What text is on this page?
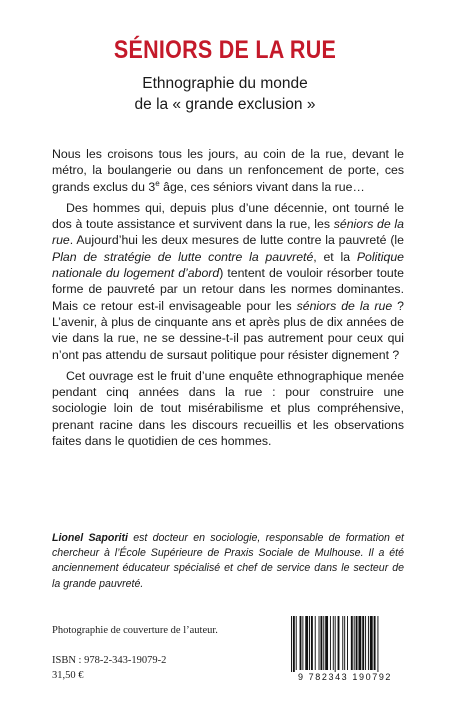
SÉNIORS DE LA RUE
Ethnographie du monde
de la « grande exclusion »

Nous les croisons tous les jours, au coin de la rue, devant le métro, la boulangerie ou dans un renfoncement de porte, ces grands exclus du 3e âge, ces séniors vivant dans la rue…

Des hommes qui, depuis plus d’une décennie, ont tourné le dos à toute assistance et survivent dans la rue, les séniors de la rue. Aujourd’hui les deux mesures de lutte contre la pauvreté (le Plan de stratégie de lutte contre la pauvreté, et la Politique nationale du logement d’abord) tentent de vouloir résorber toute forme de pauvreté par un retour dans les normes dominantes. Mais ce retour est-il envisageable pour les séniors de la rue ? L’avenir, à plus de cinquante ans et après plus de dix années de vie dans la rue, ne se dessine-t-il pas autrement pour ceux qui n’ont pas attendu de sursaut politique pour résister dignement ?

Cet ouvrage est le fruit d’une enquête ethnographique menée pendant cinq années dans la rue : pour construire une sociologie loin de tout misérabilisme et plus compréhensive, prenant racine dans les discours recueillis et les observations faites dans le quotidien de ces hommes.

Lionel Saporiti est docteur en sociologie, responsable de formation et chercheur à l’École Supérieure de Praxis Sociale de Mulhouse. Il a été anciennement éducateur spécialisé et chef de service dans le secteur de la grande pauvreté.
Photographie de couverture de l’auteur.
ISBN : 978-2-343-19079-2
31,50 €	9 782343 190792
